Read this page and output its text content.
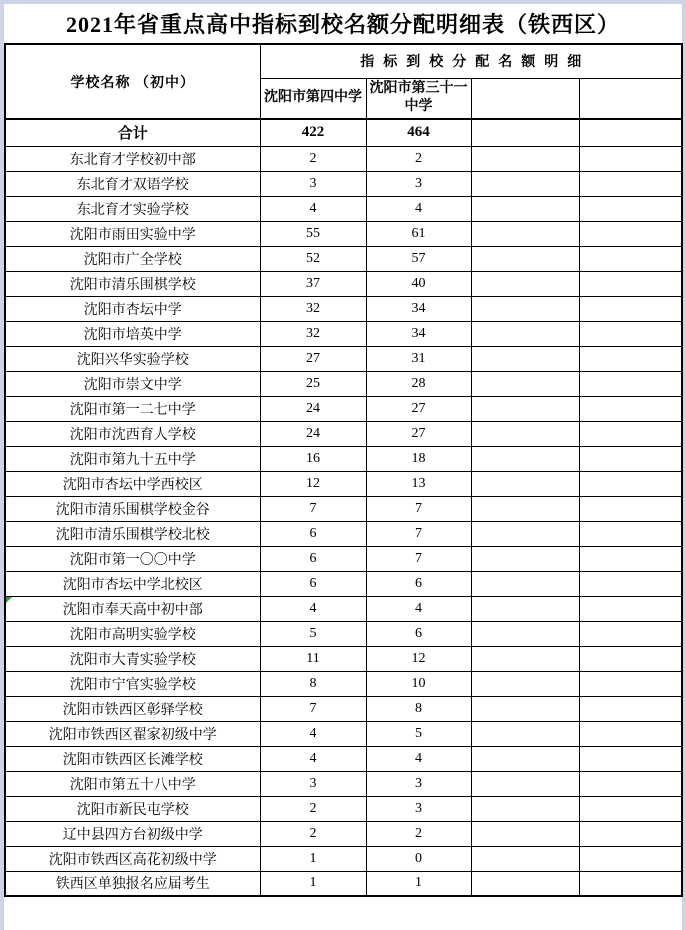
2021年省重点高中指标到校名额分配明细表（铁西区）
学校名称 （初中）	指标到校分配名额明细			
	沈阳市第四中学	沈阳市第三十一中学		
合计	422	464		
东北育才学校初中部	2	2		
东北育才双语学校	3	3		
东北育才实验学校	4	4		
沈阳市雨田实验中学	55	61		
沈阳市广全学校	52	57		
沈阳市清乐围棋学校	37	40		
沈阳市杏坛中学	32	34		
沈阳市培英中学	32	34		
沈阳兴华实验学校	27	31		
沈阳市崇文中学	25	28		
沈阳市第一二七中学	24	27		
沈阳市沈西育人学校	24	27		
沈阳市第九十五中学	16	18		
沈阳市杏坛中学西校区	12	13		
沈阳市清乐围棋学校金谷	7	7		
沈阳市清乐围棋学校北校	6	7		
沈阳市第一〇〇中学	6	7		
沈阳市杏坛中学北校区	6	6		
沈阳市奉天高中初中部	4	4		
沈阳市高明实验学校	5	6		
沈阳市大青实验学校	11	12		
沈阳市宁官实验学校	8	10		
沈阳市铁西区彰驿学校	7	8		
沈阳市铁西区翟家初级中学	4	5		
沈阳市铁西区长滩学校	4	4		
沈阳市第五十八中学	3	3		
沈阳市新民屯学校	2	3		
辽中县四方台初级中学	2	2		
沈阳市铁西区高花初级中学	1	0		
铁西区单独报名应届考生	1	1		
